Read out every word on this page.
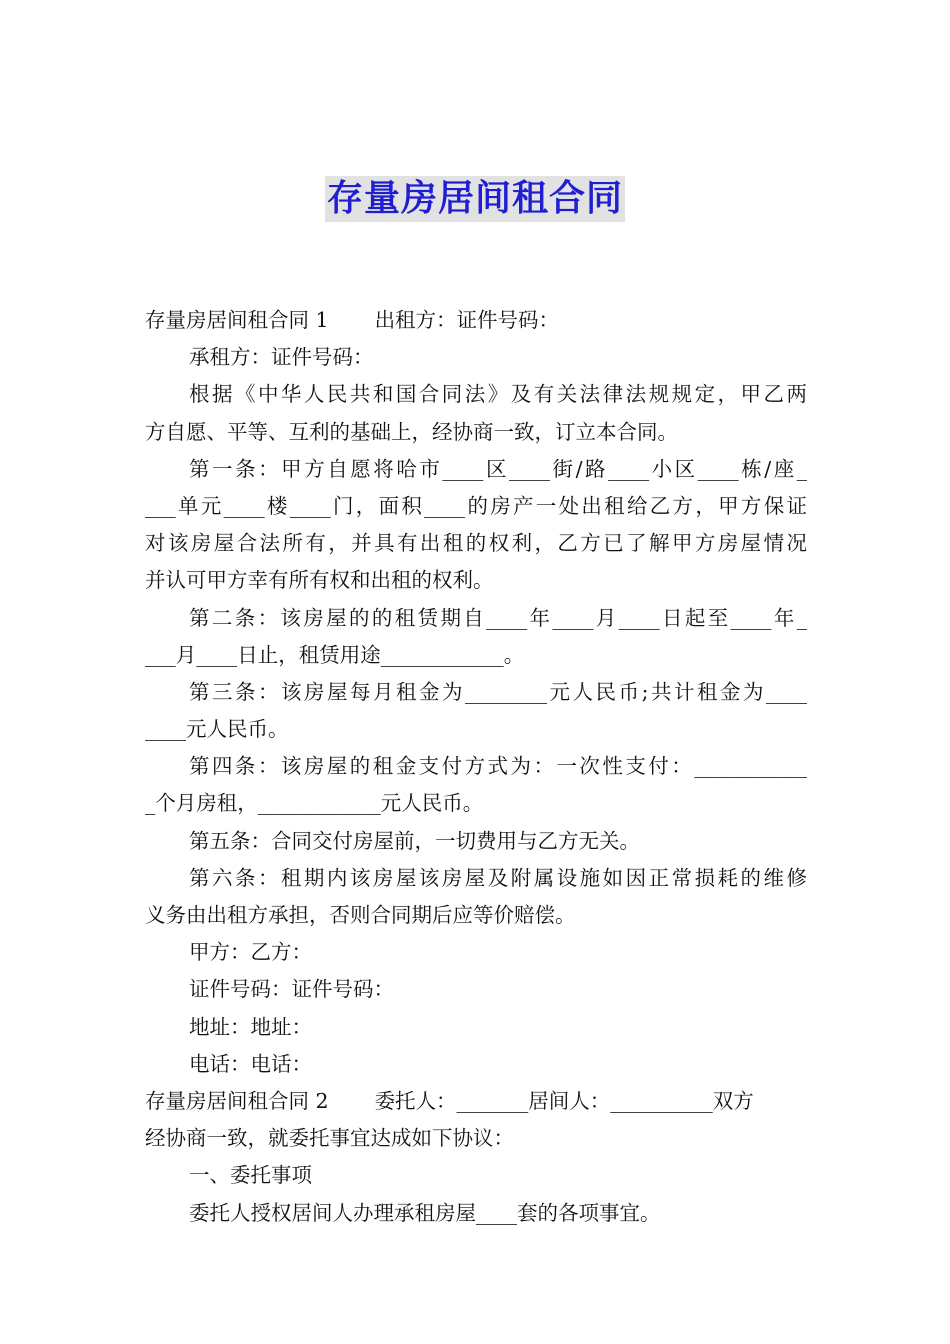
存量房居间租合同
存量房居间租合同 1 出租方：证件号码：
承租方：证件号码：
根据《中华人民共和国合同法》及有关法律法规规定，甲乙两
方自愿、平等、互利的基础上，经协商一致，订立本合同。
第一条：甲方自愿将哈市____区____街/路____小区____栋/座_
___单元____楼____门，面积____的房产一处出租给乙方，甲方保证
对该房屋合法所有，并具有出租的权利，乙方已了解甲方房屋情况
并认可甲方幸有所有权和出租的权利。
第二条：该房屋的的租赁期自____年____月____日起至____年_
___月____日止，租赁用途____________。
第三条：该房屋每月租金为________元人民币;共计租金为____
____元人民币。
第四条：该房屋的租金支付方式为：一次性支付：___________
_个月房租，____________元人民币。
第五条：合同交付房屋前，一切费用与乙方无关。
第六条：租期内该房屋该房屋及附属设施如因正常损耗的维修
义务由出租方承担，否则合同期后应等价赔偿。
甲方：乙方：
证件号码：证件号码：
地址：地址：
电话：电话：
存量房居间租合同 2 委托人：_______居间人：__________双方
经协商一致，就委托事宜达成如下协议：
一、委托事项
委托人授权居间人办理承租房屋____套的各项事宜。
